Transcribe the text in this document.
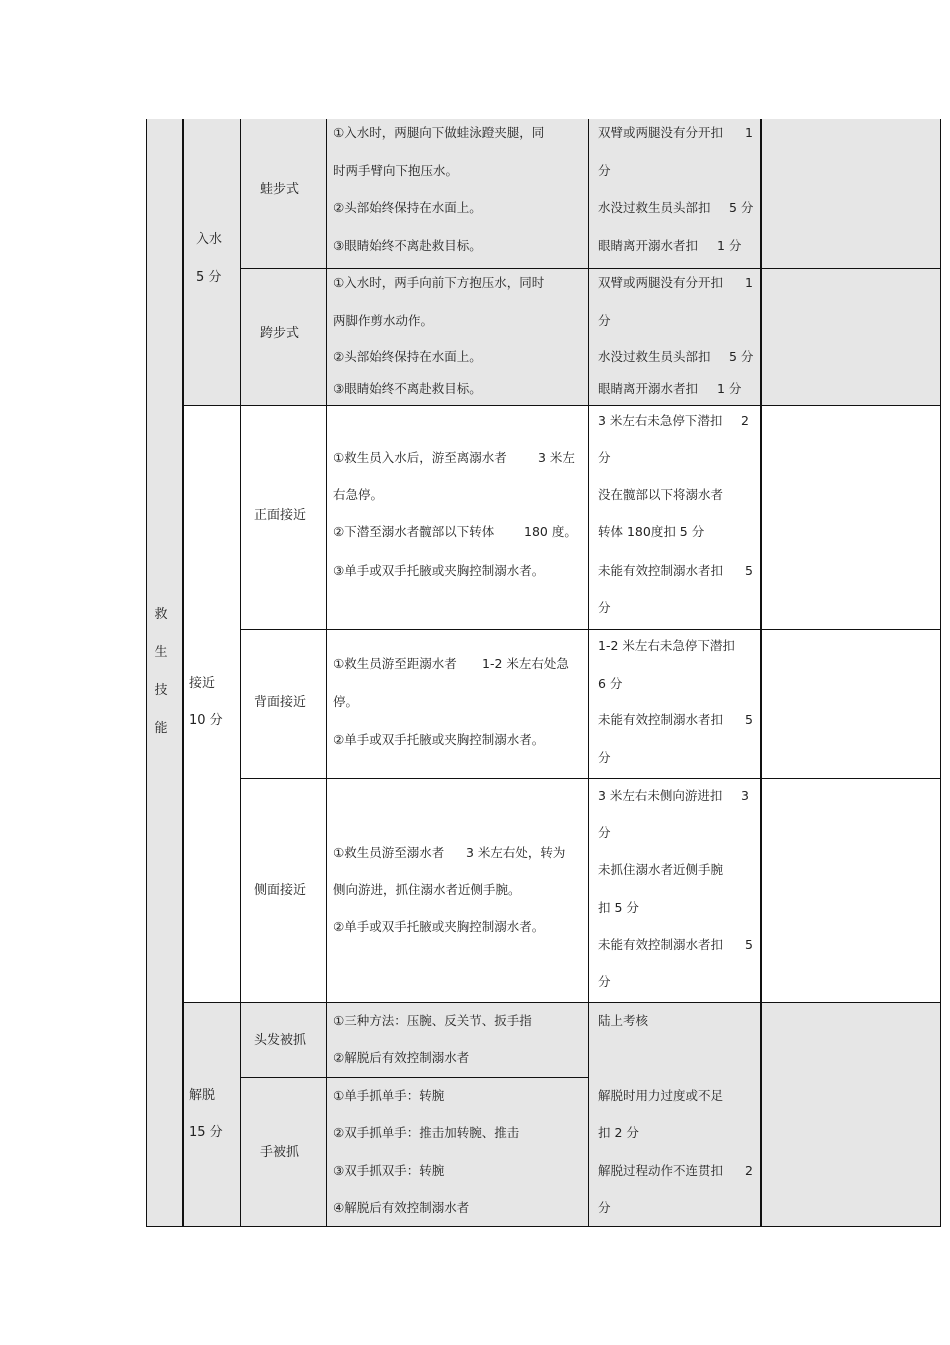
救
生
技
能
入水
5 分
接近
10 分
解脱
15 分
蛙步式
跨步式
正面接近
背面接近
侧面接近
头发被抓
手被抓
①入水时，两腿向下做蛙泳蹬夹腿，同
时两手臂向下抱压水。
②头部始终保持在水面上。
③眼睛始终不离赴救目标。
双臂或两腿没有分开扣 1
分
水没过救生员头部扣 5 分
眼睛离开溺水者扣 1 分
①入水时，两手向前下方抱压水，同时
两脚作剪水动作。
②头部始终保持在水面上。
③眼睛始终不离赴救目标。
双臂或两腿没有分开扣 1
分
水没过救生员头部扣 5 分
眼睛离开溺水者扣 1 分
①救生员入水后，游至离溺水者	3 米左
右急停。
②下潜至溺水者髋部以下转体 180 度。
③单手或双手托腋或夹胸控制溺水者。
3 米左右未急停下潜扣 2
分
没在髋部以下将溺水者
转体 180度扣 5 分
未能有效控制溺水者扣 5
分
①救生员游至距溺水者 1-2 米左右处急
停。
②单手或双手托腋或夹胸控制溺水者。
1-2 米左右未急停下潜扣
6 分
未能有效控制溺水者扣 5
分
①救生员游至溺水者 3 米左右处，转为
侧向游进，抓住溺水者近侧手腕。
②单手或双手托腋或夹胸控制溺水者。
3 米左右未侧向游进扣 3
分
未抓住溺水者近侧手腕
扣 5 分
未能有效控制溺水者扣 5
分
①三种方法：压腕、反关节、扳手指
②解脱后有效控制溺水者
①单手抓单手：转腕
②双手抓单手：推击加转腕、推击
③双手抓双手：转腕
④解脱后有效控制溺水者
陆上考核
解脱时用力过度或不足
扣 2 分
解脱过程动作不连贯扣 2
分
